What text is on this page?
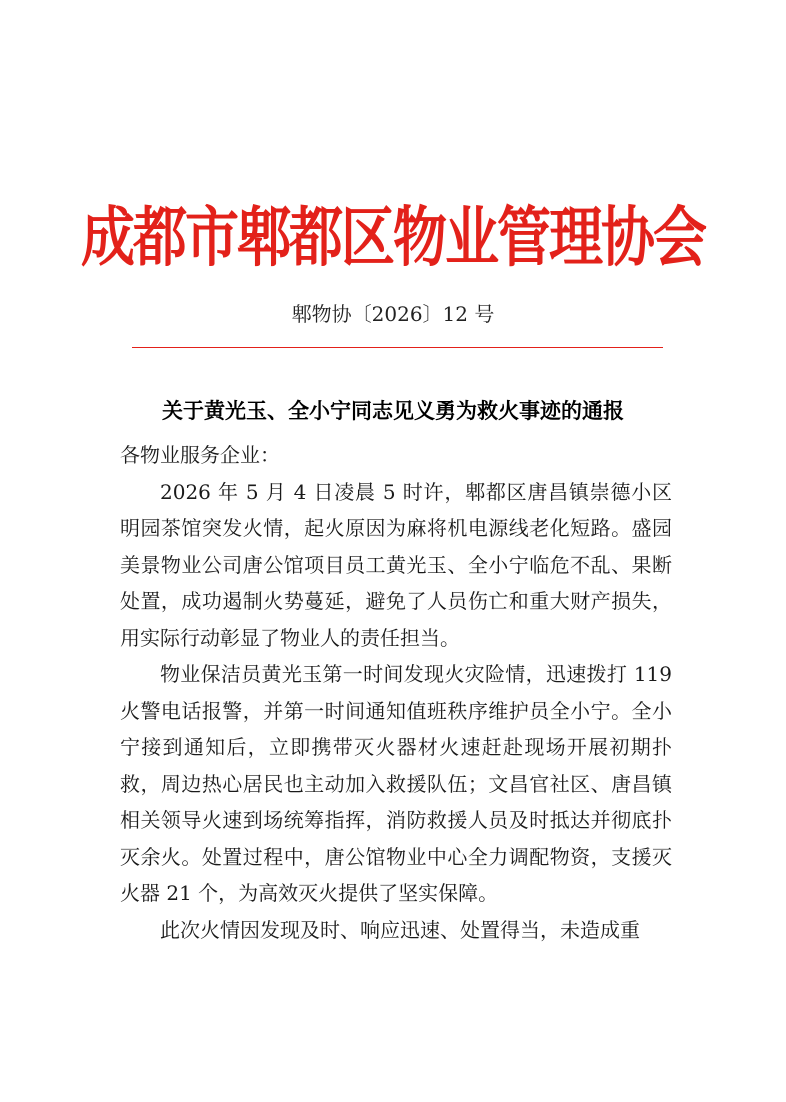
成都市郫都区物业管理协会
郫物协〔2026〕12 号
关于黄光玉、全小宁同志见义勇为救火事迹的通报

各物业服务企业：

2026 年 5 月 4 日凌晨 5 时许，郫都区唐昌镇崇德小区明园茶馆突发火情，起火原因为麻将机电源线老化短路。盛园美景物业公司唐公馆项目员工黄光玉、全小宁临危不乱、果断处置，成功遏制火势蔓延，避免了人员伤亡和重大财产损失，用实际行动彰显了物业人的责任担当。

物业保洁员黄光玉第一时间发现火灾险情，迅速拨打 119 火警电话报警，并第一时间通知值班秩序维护员全小宁。全小宁接到通知后，立即携带灭火器材火速赶赴现场开展初期扑救，周边热心居民也主动加入救援队伍；文昌官社区、唐昌镇相关领导火速到场统筹指挥，消防救援人员及时抵达并彻底扑灭余火。处置过程中，唐公馆物业中心全力调配物资，支援灭火器 21 个，为高效灭火提供了坚实保障。

此次火情因发现及时、响应迅速、处置得当，未造成重
